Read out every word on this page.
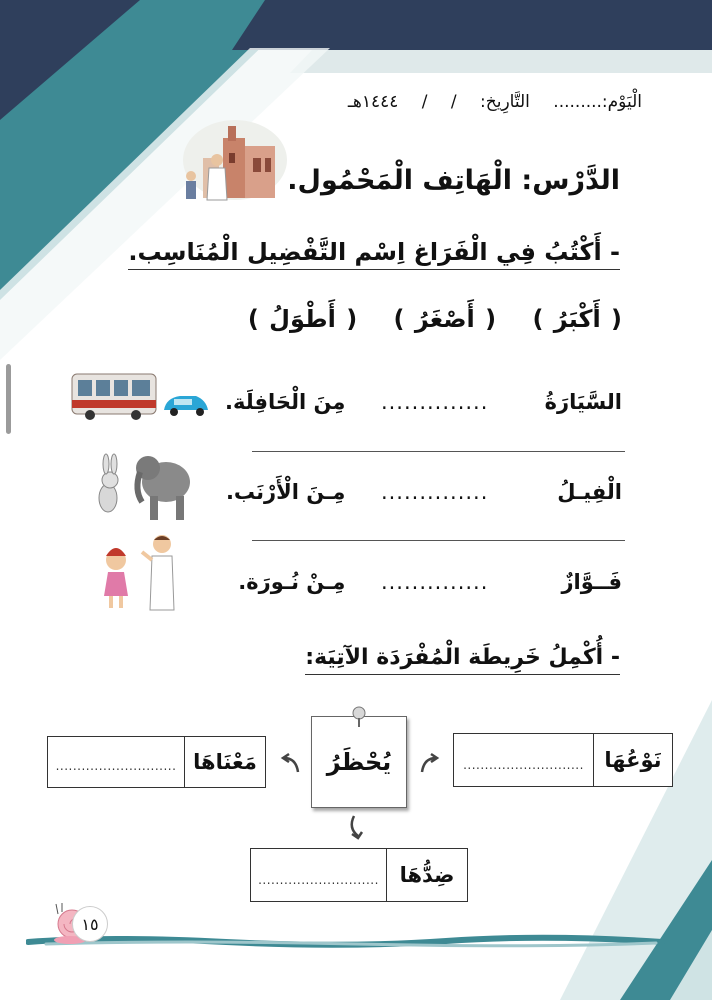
الْيَوْم:......... التَّارِيخ: / / ١٤٤٤هـ
الدَّرْس: الْهَاتِف الْمَحْمُول.
- أَكْتُبُ فِي الْفَرَاغ اِسْم التَّفْضِيل الْمُنَاسِب.
( أَكْبَرُ ) ( أَصْغَرُ ) ( أَطْوَلُ )
السَّيَارَةُ .............. مِنَ الْحَافِلَة.
الْفِيـلُ .............. مِـنَ الْأَرْنَب.
فَــوَّازٌ .............. مِـنْ نُـورَة.
- أُكْمِلُ خَرِيطَة الْمُفْرَدَة الآتِيَة:
نَوْعُهَا
............................
مَعْنَاهَا
............................	يُحْظَرُ
ضِدُّهَا
............................
١٥
